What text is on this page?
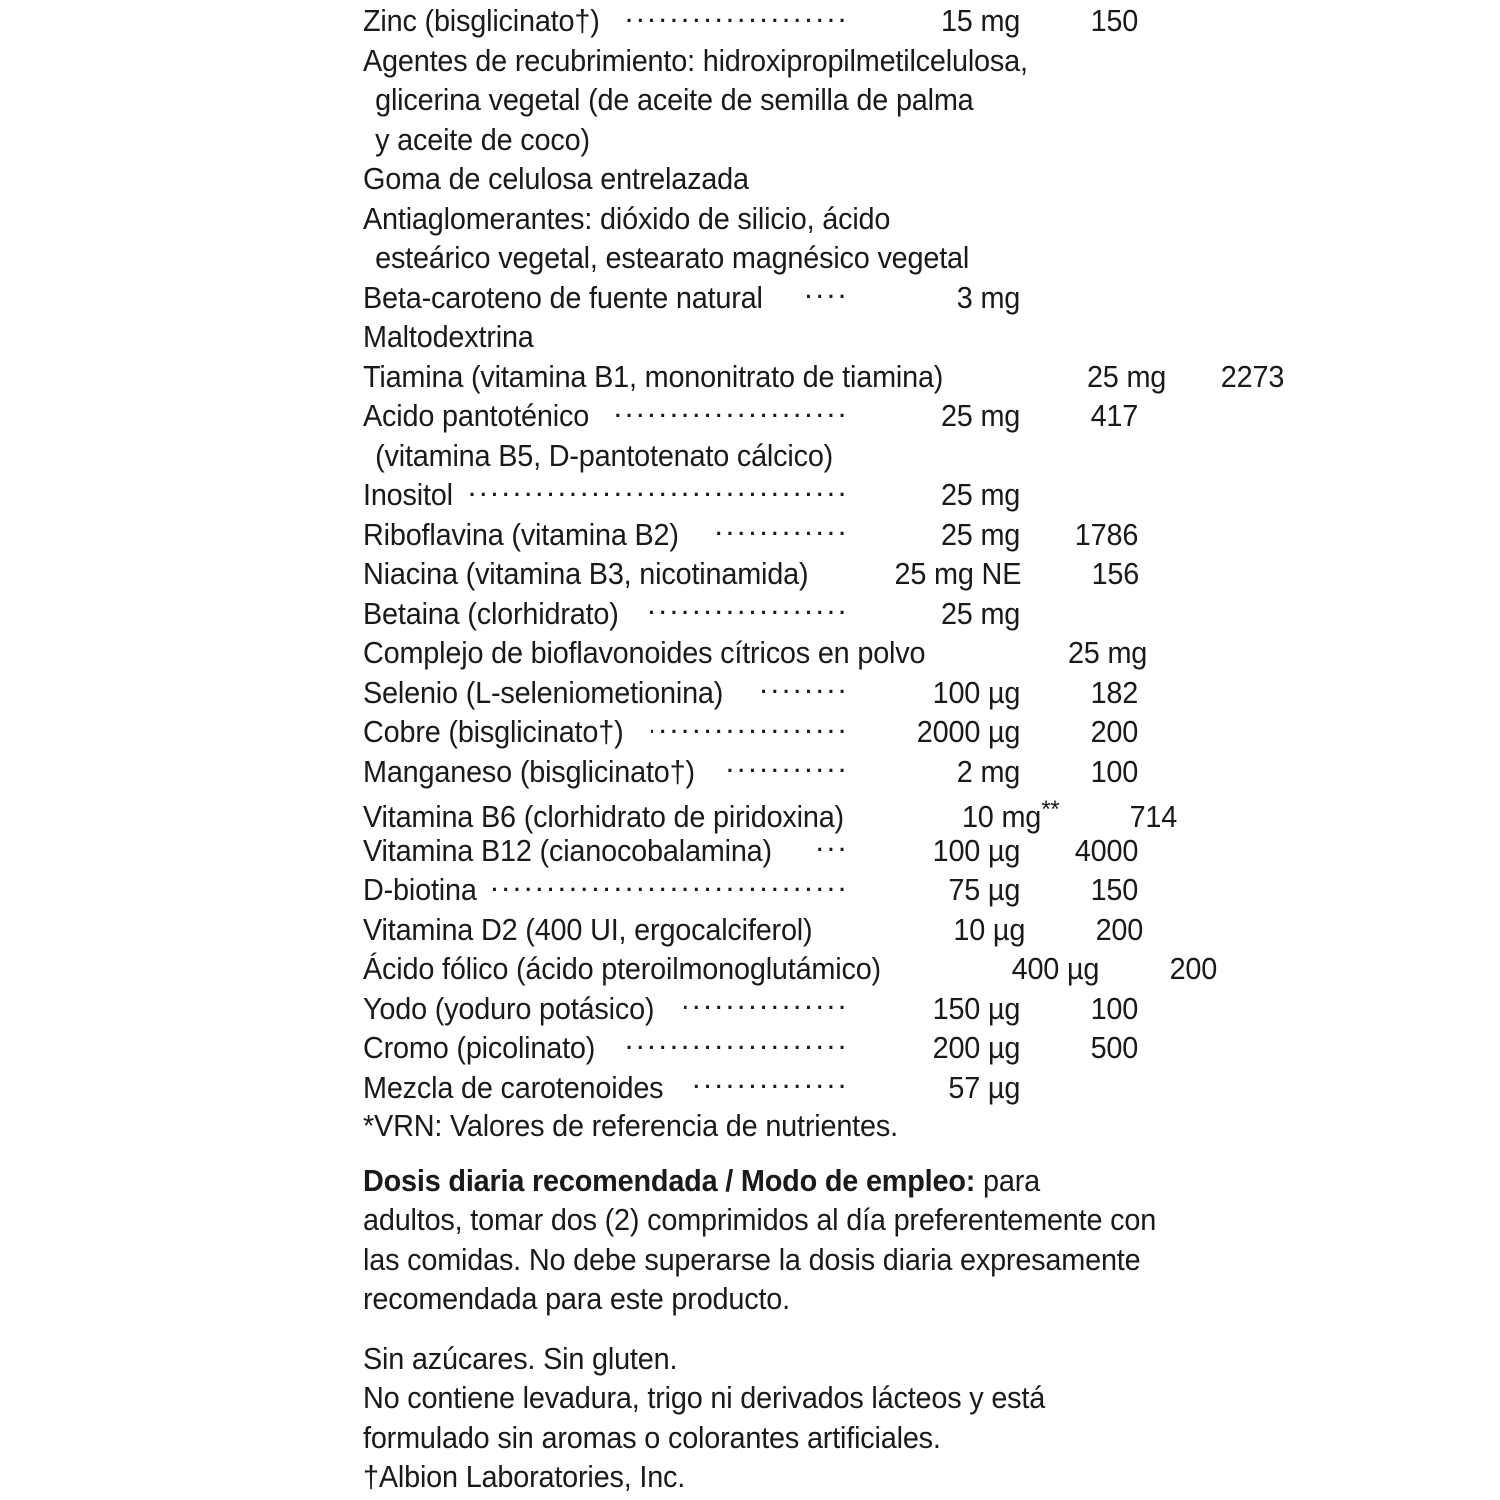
Zinc (bisglicinato†) .....	15 mg	150
Agentes de recubrimiento: hidroxipropilmetilcelulosa,
glicerina vegetal (de aceite de semilla de palma
y aceite de coco)
Goma de celulosa entrelazada
Antiaglomerantes: dióxido de silicio, ácido
esteárico vegetal, estearato magnésico vegetal
Beta-caroteno de fuente natural .....	3 mg
Maltodextrina
Tiamina (vitamina B1, mononitrato de tiamina)	25 mg	2273
Acido pantoténico .....	25 mg	417
(vitamina B5, D-pantotenato cálcico)
Inositol .....	25 mg
Riboflavina (vitamina B2) .....	25 mg	1786
Niacina (vitamina B3, nicotinamida)	25 mg NE	156
Betaina (clorhidrato) .....	25 mg
Complejo de bioflavonoides cítricos en polvo	25 mg
Selenio (L-seleniometionina) .....	100 µg	182
Cobre (bisglicinato†) .....	2000 µg	200
Manganeso (bisglicinato†) .....	2 mg	100
Vitamina B6 (clorhidrato de piridoxina)	10 mg**	714
Vitamina B12 (cianocobalamina) .....	100 µg	4000
D-biotina .....	75 µg	150
Vitamina D2 (400 UI, ergocalciferol)	10 µg	200
Ácido fólico (ácido pteroilmonoglutámico)	400 µg	200
Yodo (yoduro potásico) .....	150 µg	100
Cromo (picolinato) .....	200 µg	500
Mezcla de carotenoides .....	57 µg
*VRN: Valores de referencia de nutrientes.
Dosis diaria recomendada / Modo de empleo: para
adultos, tomar dos (2) comprimidos al día preferentemente con
las comidas. No debe superarse la dosis diaria expresamente
recomendada para este producto.
Sin azúcares. Sin gluten.
No contiene levadura, trigo ni derivados lácteos y está
formulado sin aromas o colorantes artificiales.
†Albion Laboratories, Inc.
